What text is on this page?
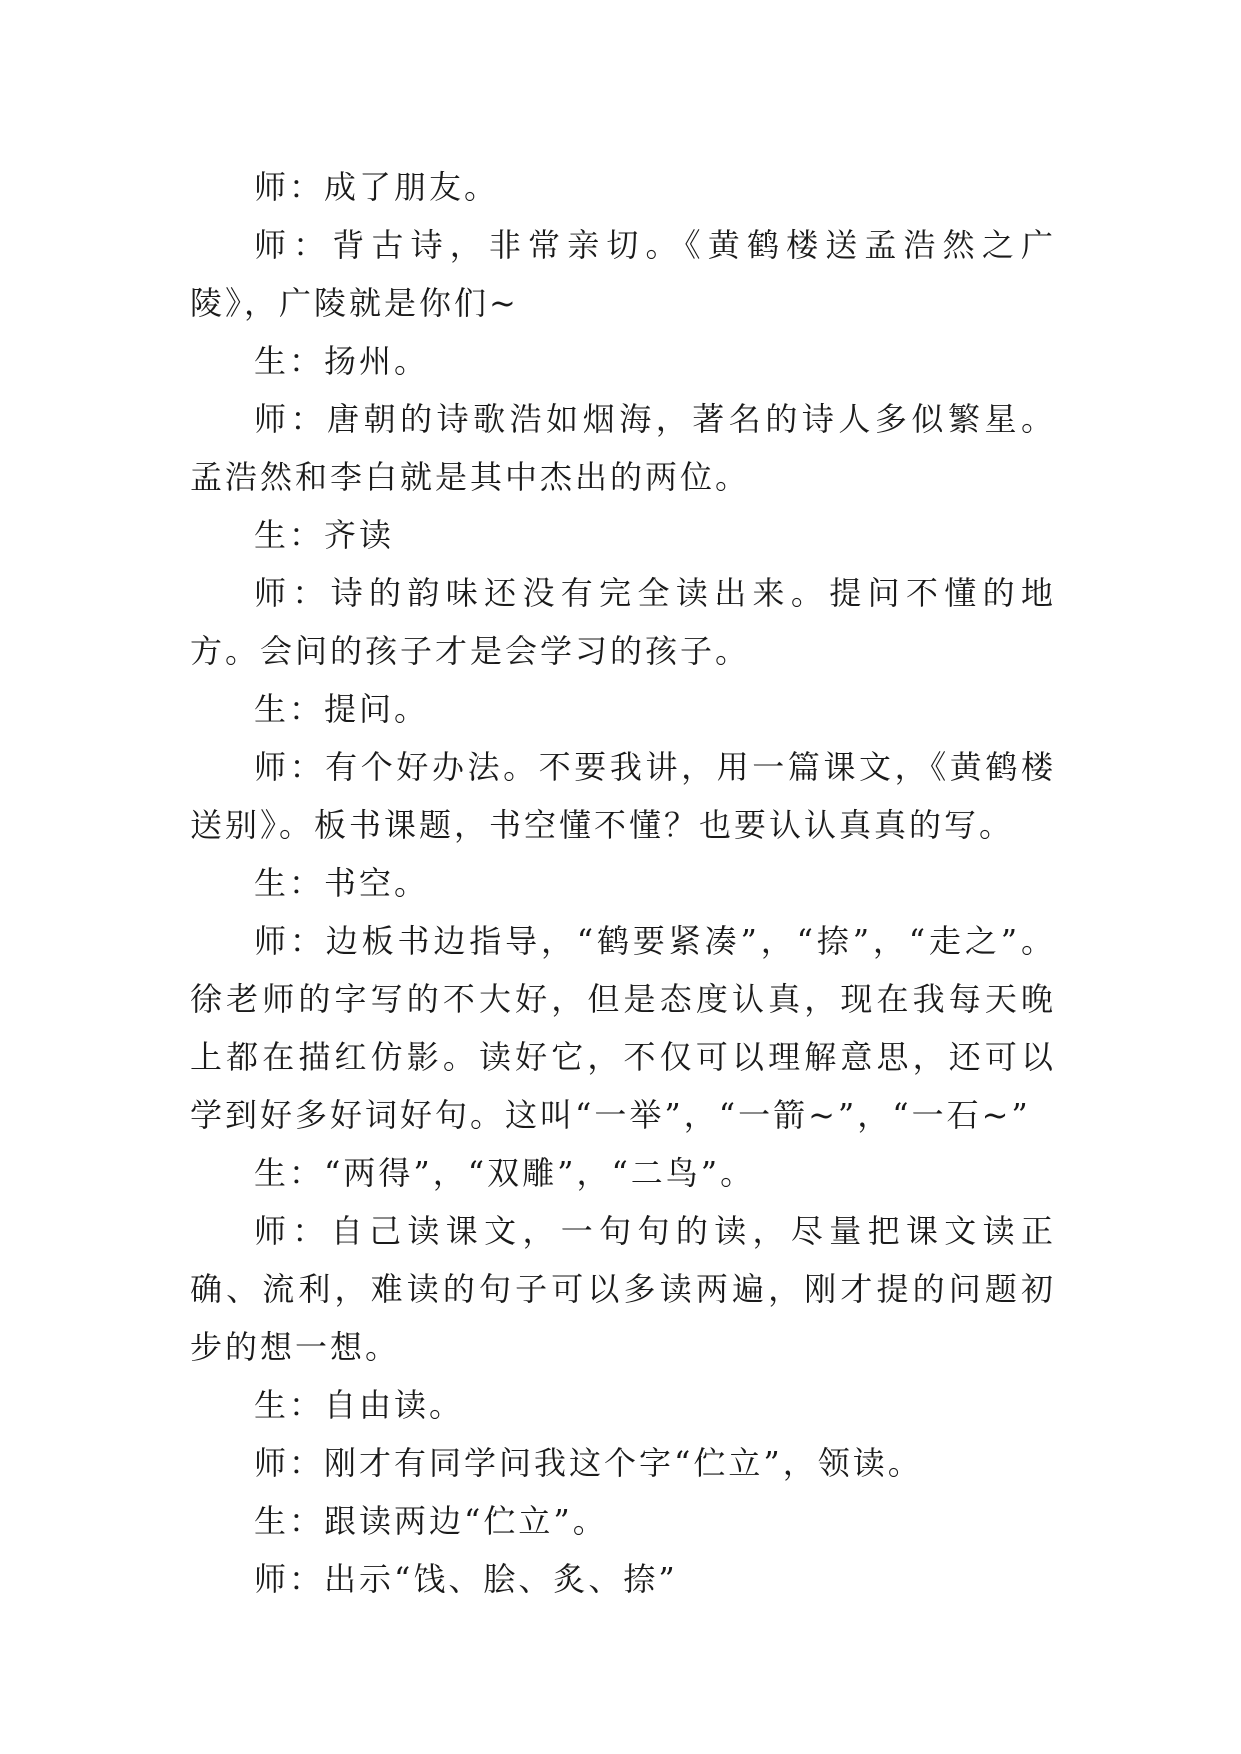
师：成了朋友。

师：背古诗，非常亲切。《黄鹤楼送孟浩然之广陵》，广陵就是你们~

生：扬州。

师：唐朝的诗歌浩如烟海，著名的诗人多似繁星。孟浩然和李白就是其中杰出的两位。

生：齐读

师：诗的韵味还没有完全读出来。提问不懂的地方。会问的孩子才是会学习的孩子。

生：提问。

师：有个好办法。不要我讲，用一篇课文，《黄鹤楼送别》。板书课题，书空懂不懂？也要认认真真的写。

生：书空。

师：边板书边指导，“鹤要紧凑”，“捺”，“走之”。徐老师的字写的不大好，但是态度认真，现在我每天晚上都在描红仿影。读好它，不仅可以理解意思，还可以学到好多好词好句。这叫“一举”，“一箭~”，“一石~”

生：“两得”，“双雕”，“二鸟”。

师：自己读课文，一句句的读，尽量把课文读正确、流利，难读的句子可以多读两遍，刚才提的问题初步的想一想。

生：自由读。

师：刚才有同学问我这个字“伫立”，领读。

生：跟读两边“伫立”。

师：出示“饯、脍、炙、捺”
